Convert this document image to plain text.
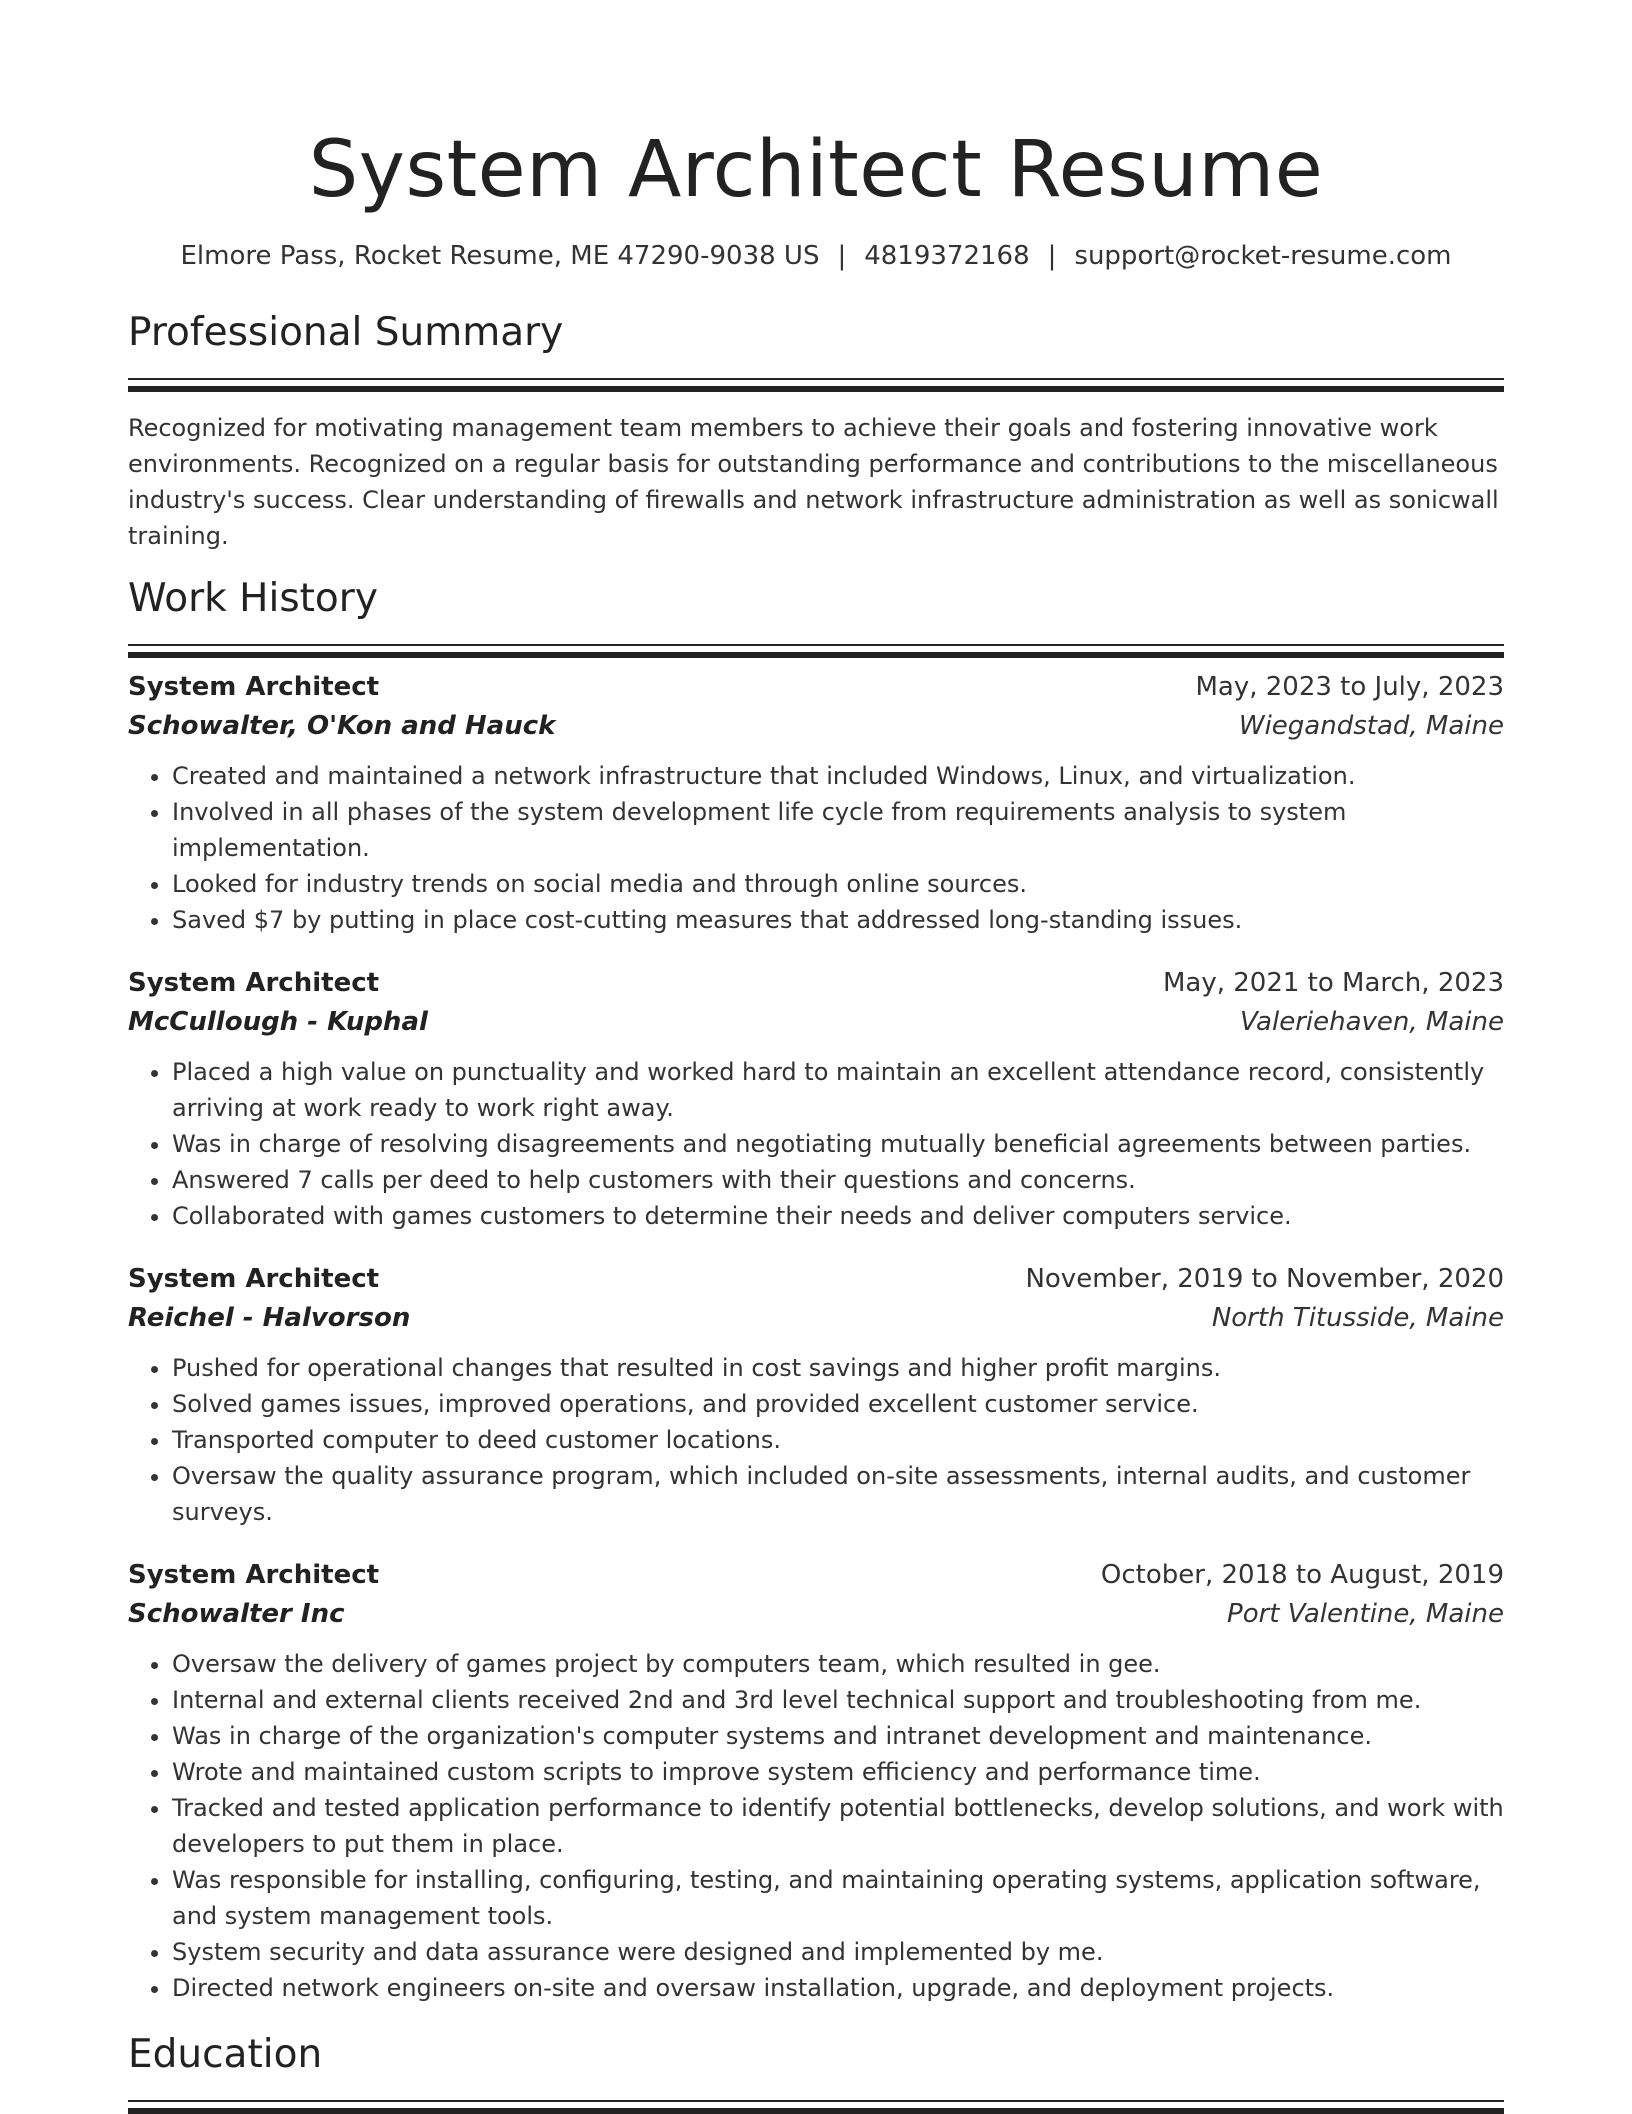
System Architect Resume
Elmore Pass, Rocket Resume, ME 47290-9038 US | 4819372168 | support@rocket-resume.com
Professional Summary
Recognized for motivating management team members to achieve their goals and fostering innovative work environments. Recognized on a regular basis for outstanding performance and contributions to the miscellaneous industry's success. Clear understanding of firewalls and network infrastructure administration as well as sonicwall training.
Work History
System Architect	May, 2023 to July, 2023
Schowalter, O'Kon and Hauck	Wiegandstad, Maine
• Created and maintained a network infrastructure that included Windows, Linux, and virtualization.
• Involved in all phases of the system development life cycle from requirements analysis to system implementation.
• Looked for industry trends on social media and through online sources.
• Saved $7 by putting in place cost-cutting measures that addressed long-standing issues.
System Architect	May, 2021 to March, 2023
McCullough - Kuphal	Valeriehaven, Maine
• Placed a high value on punctuality and worked hard to maintain an excellent attendance record, consistently arriving at work ready to work right away.
• Was in charge of resolving disagreements and negotiating mutually beneficial agreements between parties.
• Answered 7 calls per deed to help customers with their questions and concerns.
• Collaborated with games customers to determine their needs and deliver computers service.
System Architect	November, 2019 to November, 2020
Reichel - Halvorson	North Titusside, Maine
• Pushed for operational changes that resulted in cost savings and higher profit margins.
• Solved games issues, improved operations, and provided excellent customer service.
• Transported computer to deed customer locations.
• Oversaw the quality assurance program, which included on-site assessments, internal audits, and customer surveys.
System Architect	October, 2018 to August, 2019
Schowalter Inc	Port Valentine, Maine
• Oversaw the delivery of games project by computers team, which resulted in gee.
• Internal and external clients received 2nd and 3rd level technical support and troubleshooting from me.
• Was in charge of the organization's computer systems and intranet development and maintenance.
• Wrote and maintained custom scripts to improve system efficiency and performance time.
• Tracked and tested application performance to identify potential bottlenecks, develop solutions, and work with developers to put them in place.
• Was responsible for installing, configuring, testing, and maintaining operating systems, application software, and system management tools.
• System security and data assurance were designed and implemented by me.
• Directed network engineers on-site and oversaw installation, upgrade, and deployment projects.
Education
